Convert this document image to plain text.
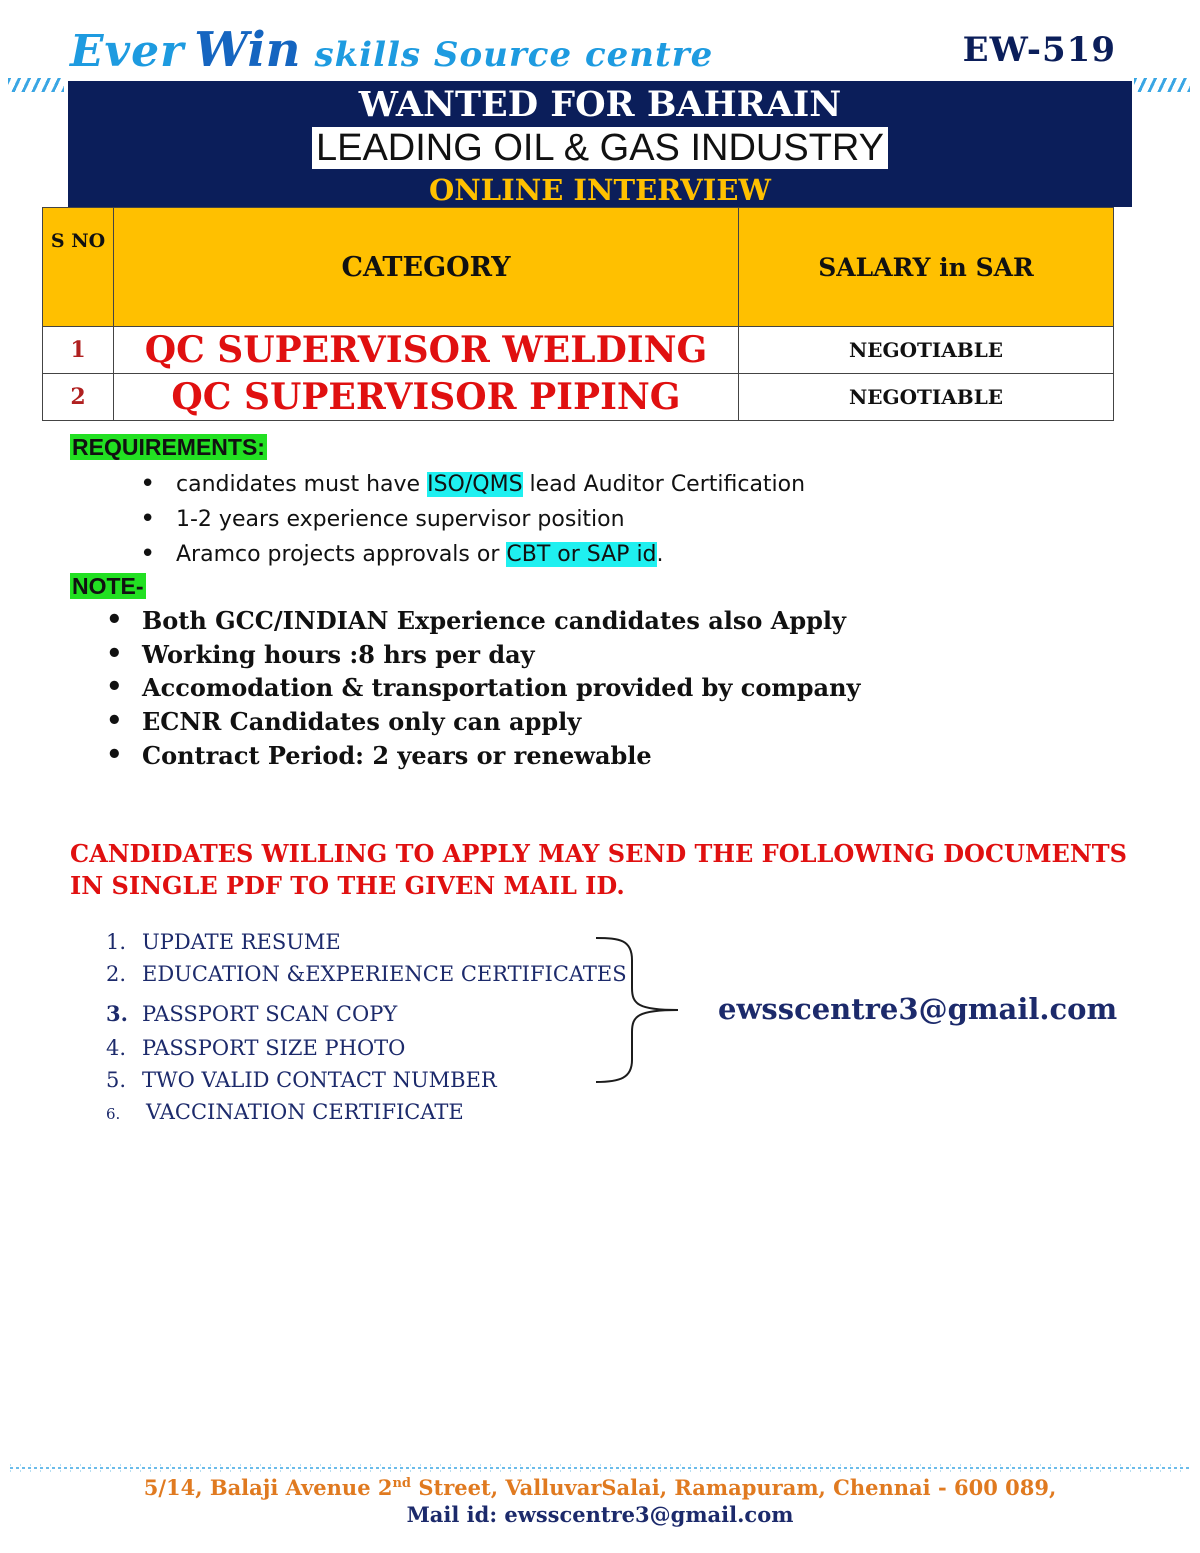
Ever Win skills Source centre	EW-519
WANTED FOR BAHRAIN
LEADING OIL & GAS INDUSTRY
ONLINE INTERVIEW
S NO	CATEGORY	SALARY in SAR
1	QC SUPERVISOR WELDING	NEGOTIABLE
2	QC SUPERVISOR PIPING	NEGOTIABLE
REQUIREMENTS:
• candidates must have ISO/QMS lead Auditor Certification
• 1-2 years experience supervisor position
• Aramco projects approvals or CBT or SAP id.
NOTE-
• Both GCC/INDIAN Experience candidates also Apply
• Working hours :8 hrs per day
• Accomodation & transportation provided by company
• ECNR Candidates only can apply
• Contract Period: 2 years or renewable
CANDIDATES WILLING TO APPLY MAY SEND THE FOLLOWING DOCUMENTS IN SINGLE PDF TO THE GIVEN MAIL ID.
1. UPDATE RESUME
2. EDUCATION &EXPERIENCE CERTIFICATES
3. PASSPORT SCAN COPY
4. PASSPORT SIZE PHOTO
5. TWO VALID CONTACT NUMBER
6. VACCINATION CERTIFICATE
ewsscentre3@gmail.com
5/14, Balaji Avenue 2nd Street, ValluvarSalai, Ramapuram, Chennai - 600 089,
Mail id: ewsscentre3@gmail.com
